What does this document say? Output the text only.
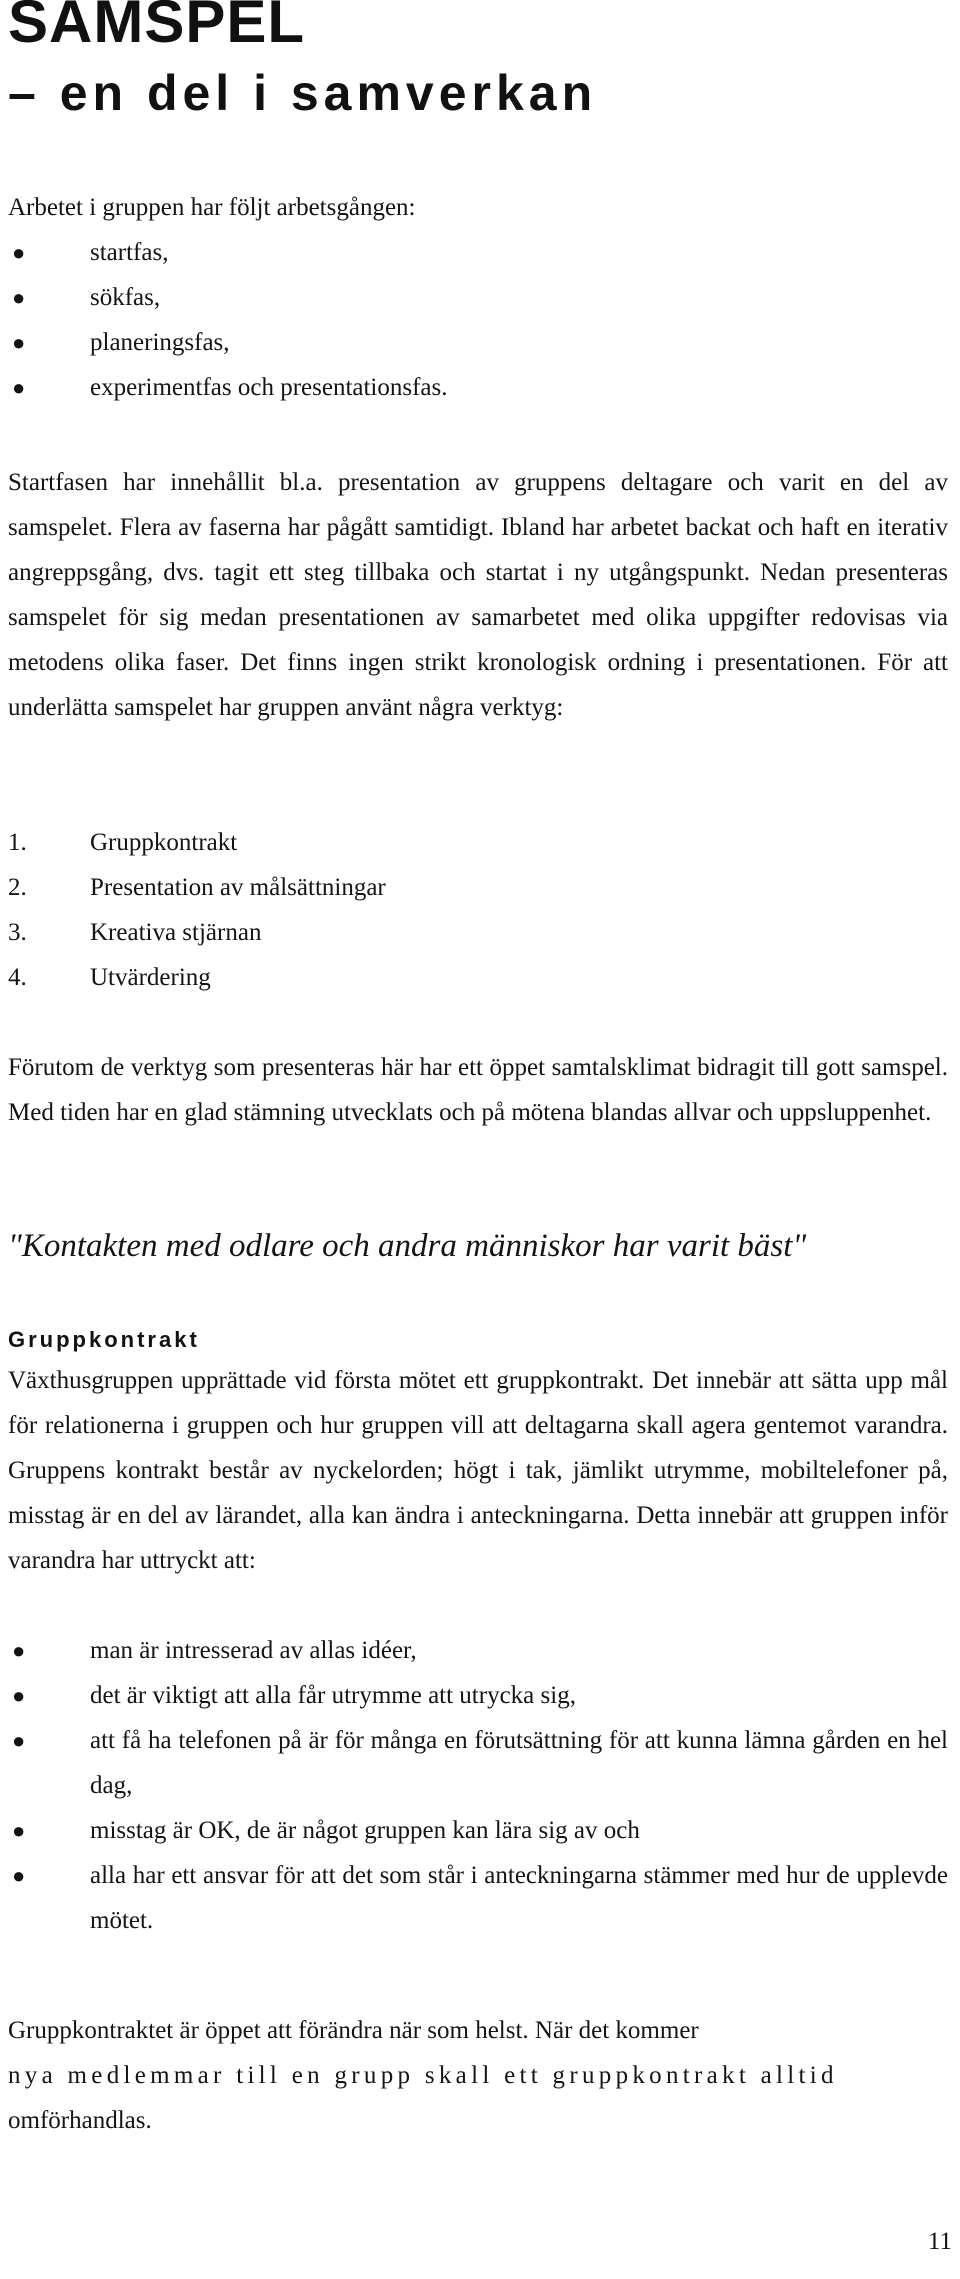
SAMSPEL
– en del i samverkan

Arbetet i gruppen har följt arbetsgången:

●	startfas,
●	sökfas,
●	planeringsfas,
●	experimentfas och presentationsfas.

Startfasen har innehållit bl.a. presentation av gruppens deltagare och varit en del av samspelet. Flera av faserna har pågått samtidigt. Ibland har arbetet backat och haft en iterativ angreppsgång, dvs. tagit ett steg tillbaka och startat i ny utgångspunkt. Nedan presenteras samspelet för sig medan presentationen av samarbetet med olika uppgifter redovisas via metodens olika faser. Det finns ingen strikt kronologisk ordning i presentationen. För att underlätta samspelet har gruppen använt några verktyg:

1.	Gruppkontrakt
2.	Presentation av målsättningar
3.	Kreativa stjärnan
4.	Utvärdering

Förutom de verktyg som presenteras här har ett öppet samtalsklimat bidragit till gott samspel. Med tiden har en glad stämning utvecklats och på mötena blandas allvar och uppsluppenhet.

"Kontakten med odlare och andra människor har varit bäst"

Gruppkontrakt

Växthusgruppen upprättade vid första mötet ett gruppkontrakt. Det innebär att sätta upp mål för relationerna i gruppen och hur gruppen vill att deltagarna skall agera gentemot varandra. Gruppens kontrakt består av nyckelorden; högt i tak, jämlikt utrymme, mobiltelefoner på, misstag är en del av lärandet, alla kan ändra i anteckningarna. Detta innebär att gruppen inför varandra har uttryckt att:

●	man är intresserad av allas idéer,
●	det är viktigt att alla får utrymme att utrycka sig,
●	att få ha telefonen på är för många en förutsättning för att kunna lämna gården en hel dag,
●	misstag är OK, de är något gruppen kan lära sig av och
●	alla har ett ansvar för att det som står i anteckningarna stämmer med hur de upplevde mötet.
Gruppkontraktet är öppet att förändra när som helst. När det kommer
nya medlemmar till en grupp skall ett gruppkontrakt alltid
omförhandlas.

11
